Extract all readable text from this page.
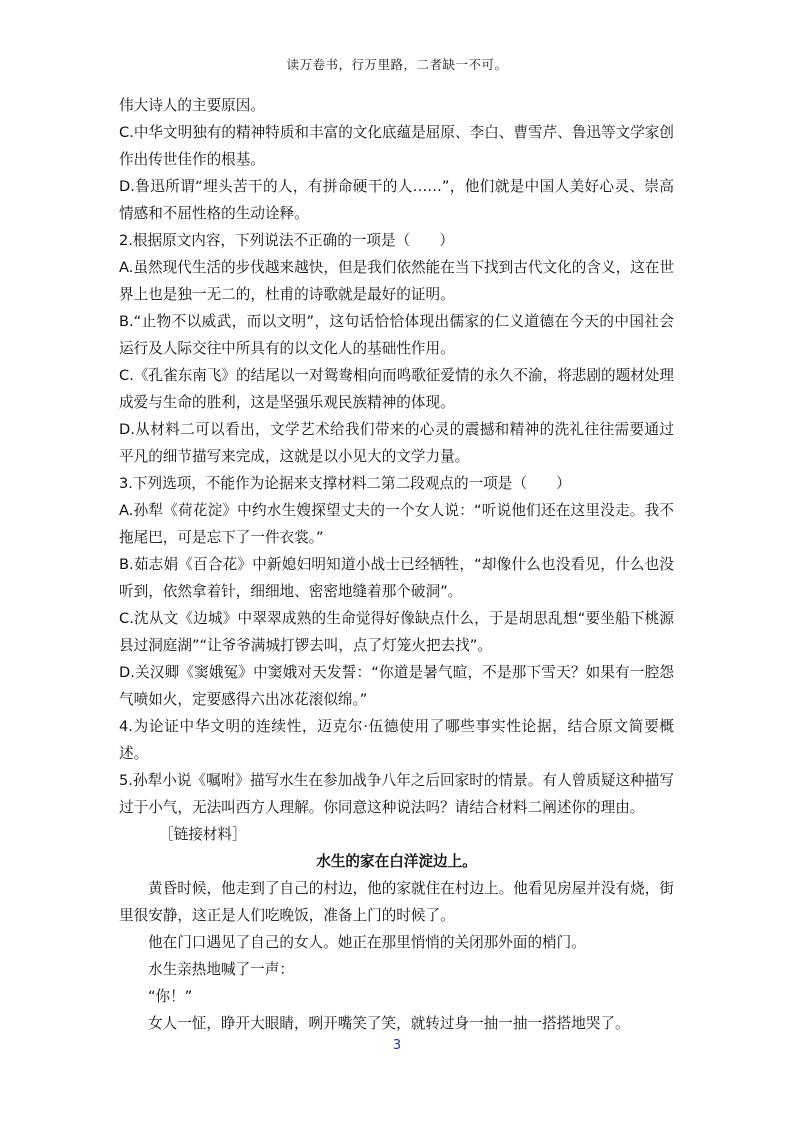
读万卷书，行万里路，二者缺一不可。

伟大诗人的主要原因。

C.中华文明独有的精神特质和丰富的文化底蕴是屈原、李白、曹雪芹、鲁迅等文学家创作出传世佳作的根基。

D.鲁迅所谓“埋头苦干的人，有拼命硬干的人……”，他们就是中国人美好心灵、崇高情感和不屈性格的生动诠释。

2.根据原文内容，下列说法不正确的一项是（　　）

A.虽然现代生活的步伐越来越快，但是我们依然能在当下找到古代文化的含义，这在世界上也是独一无二的，杜甫的诗歌就是最好的证明。

B.“止物不以威武，而以文明”，这句话恰恰体现出儒家的仁义道德在今天的中国社会运行及人际交往中所具有的以文化人的基础性作用。

C.《孔雀东南飞》的结尾以一对鸳鸯相向而鸣歌征爱情的永久不渝，将悲剧的题材处理成爱与生命的胜利，这是坚强乐观民族精神的体现。

D.从材料二可以看出，文学艺术给我们带来的心灵的震撼和精神的洗礼往往需要通过平凡的细节描写来完成，这就是以小见大的文学力量。

3.下列选项，不能作为论据来支撑材料二第二段观点的一项是（　　）

A.孙犁《荷花淀》中约水生嫂探望丈夫的一个女人说：“听说他们还在这里没走。我不拖尾巴，可是忘下了一件衣裳。”

B.茹志娟《百合花》中新媳妇明知道小战士已经牺牲，“却像什么也没看见，什么也没听到，依然拿着针，细细地、密密地缝着那个破洞”。

C.沈从文《边城》中翠翠成熟的生命觉得好像缺点什么，于是胡思乱想“要坐船下桃源县过洞庭湖”“让爷爷满城打锣去叫，点了灯笼火把去找”。

D.关汉卿《窦娥冤》中窦娥对天发誓：“你道是暑气暄，不是那下雪天？如果有一腔怨气喷如火，定要感得六出冰花滚似绵。”

4.为论证中华文明的连续性，迈克尔·伍德使用了哪些事实性论据，结合原文简要概述。

5.孙犁小说《嘱咐》描写水生在参加战争八年之后回家时的情景。有人曾质疑这种描写过于小气，无法叫西方人理解。你同意这种说法吗？请结合材料二阐述你的理由。

［链接材料］

水生的家在白洋淀边上。

黄昏时候，他走到了自己的村边，他的家就住在村边上。他看见房屋并没有烧，街里很安静，这正是人们吃晚饭，准备上门的时候了。

他在门口遇见了自己的女人。她正在那里悄悄的关闭那外面的梢门。

水生亲热地喊了一声：

“你！”

女人一怔，睁开大眼睛，咧开嘴笑了笑，就转过身一抽一抽一搭搭地哭了。

3
